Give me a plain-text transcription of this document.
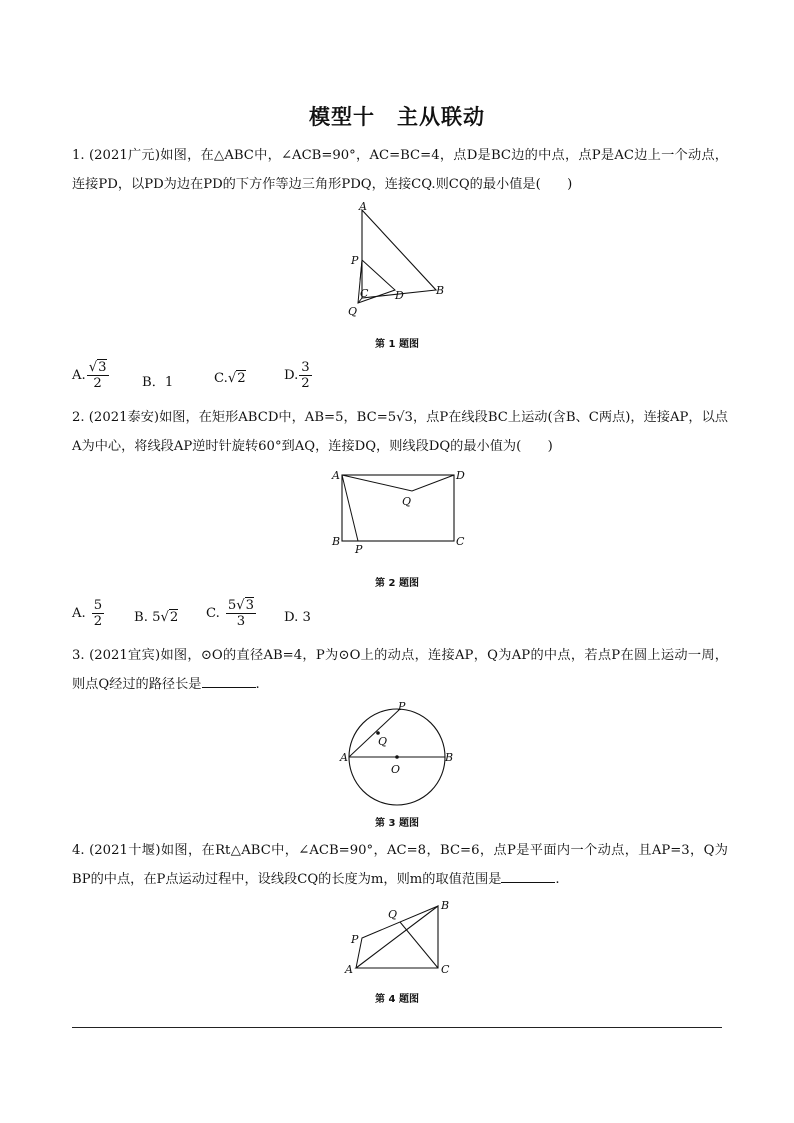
模型十　主从联动
1. (2021广元)如图，在△ABC中，∠ACB=90°，AC=BC=4，点D是BC边的中点，点P是AC边上一个动点，连接PD，以PD为边在PD的下方作等边三角形PDQ，连接CQ.则CQ的最小值是(　　)
A
P
C D	B
Q
第 1 题图
A. $\frac{√3}{2}$	B．1	C.√2	D. $\frac{3}{2}$
2. (2021泰安)如图，在矩形ABCD中，AB=5，BC=5√3，点P在线段BC上运动(含B、C两点)，连接AP，以点A为中心，将线段AP逆时针旋转60°到AQ，连接DQ，则线段DQ的最小值为(　　)
A	D
Q
B
P
C
第 2 题图
A. $\frac{5}{2} B$. 5√2 C. $\frac{5√3}{3} D$. 3
3. (2021宜宾)如图，⊙O的直径AB=4，P为⊙O上的动点，连接AP，Q为AP的中点，若点P在圆上运动一周，则点Q经过的路径长是	.
P
Q
A
O
B
第 3 题图
4. (2021十堰)如图，在Rt△ABC中，∠ACB=90°，AC=8，BC=6，点P是平面内一个动点，且AP=3，Q为BP的中点，在P点运动过程中，设线段CQ的长度为m，则m的取值范围是	.
B
Q
P
A	C
第 4 题图
